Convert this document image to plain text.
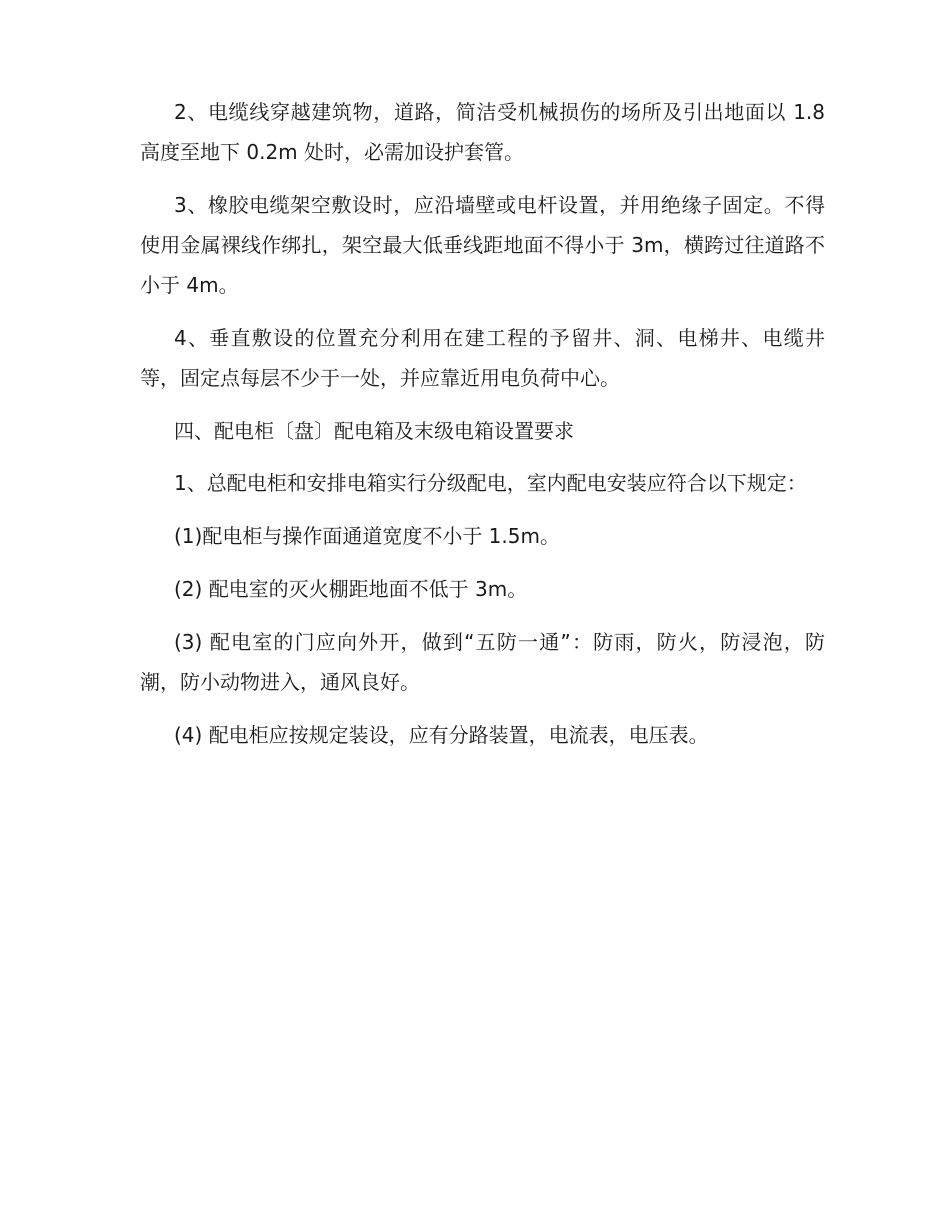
2、电缆线穿越建筑物，道路，简洁受机械损伤的场所及引出地面以 1.8 高度至地下 0.2m 处时，必需加设护套管。

3、橡胶电缆架空敷设时，应沿墙壁或电杆设置，并用绝缘子固定。不得使用金属裸线作绑扎，架空最大低垂线距地面不得小于 3m，横跨过往道路不小于 4m。

4、垂直敷设的位置充分利用在建工程的予留井、洞、电梯井、电缆井等，固定点每层不少于一处，并应靠近用电负荷中心。

四、配电柜〔盘〕配电箱及末级电箱设置要求

1、总配电柜和安排电箱实行分级配电，室内配电安装应符合以下规定：

(1)配电柜与操作面通道宽度不小于 1.5m。

(2) 配电室的灭火棚距地面不低于 3m。

(3) 配电室的门应向外开，做到“五防一通”：防雨，防火，防浸泡，防潮，防小动物进入，通风良好。

(4) 配电柜应按规定装设，应有分路装置，电流表，电压表。
